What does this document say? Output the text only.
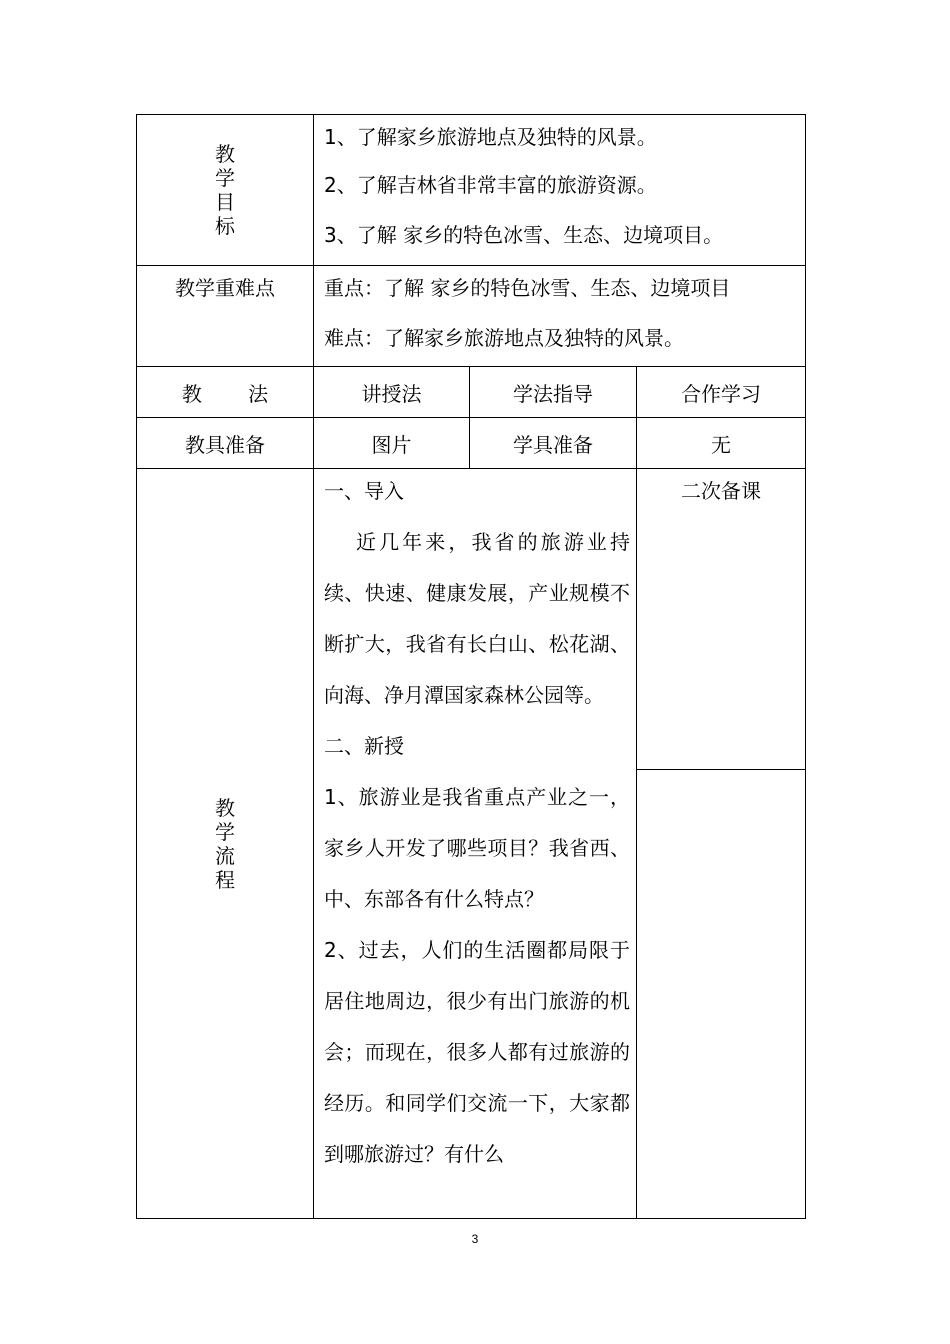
教学目标	1、了解家乡旅游地点及独特的风景。
2、了解吉林省非常丰富的旅游资源。
3、了解 家乡的特色冰雪、生态、边境项目。		

教学重难点	重点：了解 家乡的特色冰雪、生态、边境项目
难点：了解家乡旅游地点及独特的风景。		

教 法	讲授法	学法指导	合作学习
教具准备	图片	学具准备	无

教学流程	一、导入
近几年来，我省的旅游业持续、快速、健康发展，产业规模不断扩大，我省有长白山、松花湖、向海、净月潭国家森林公园等。
二、新授
1、旅游业是我省重点产业之一，家乡人开发了哪些项目？我省西、中、东部各有什么特点？
2、过去，人们的生活圈都局限于居住地周边，很少有出门旅游的机会；而现在，很多人都有过旅游的经历。和同学们交流一下，大家都到哪旅游过？有什么		二次备课

3
